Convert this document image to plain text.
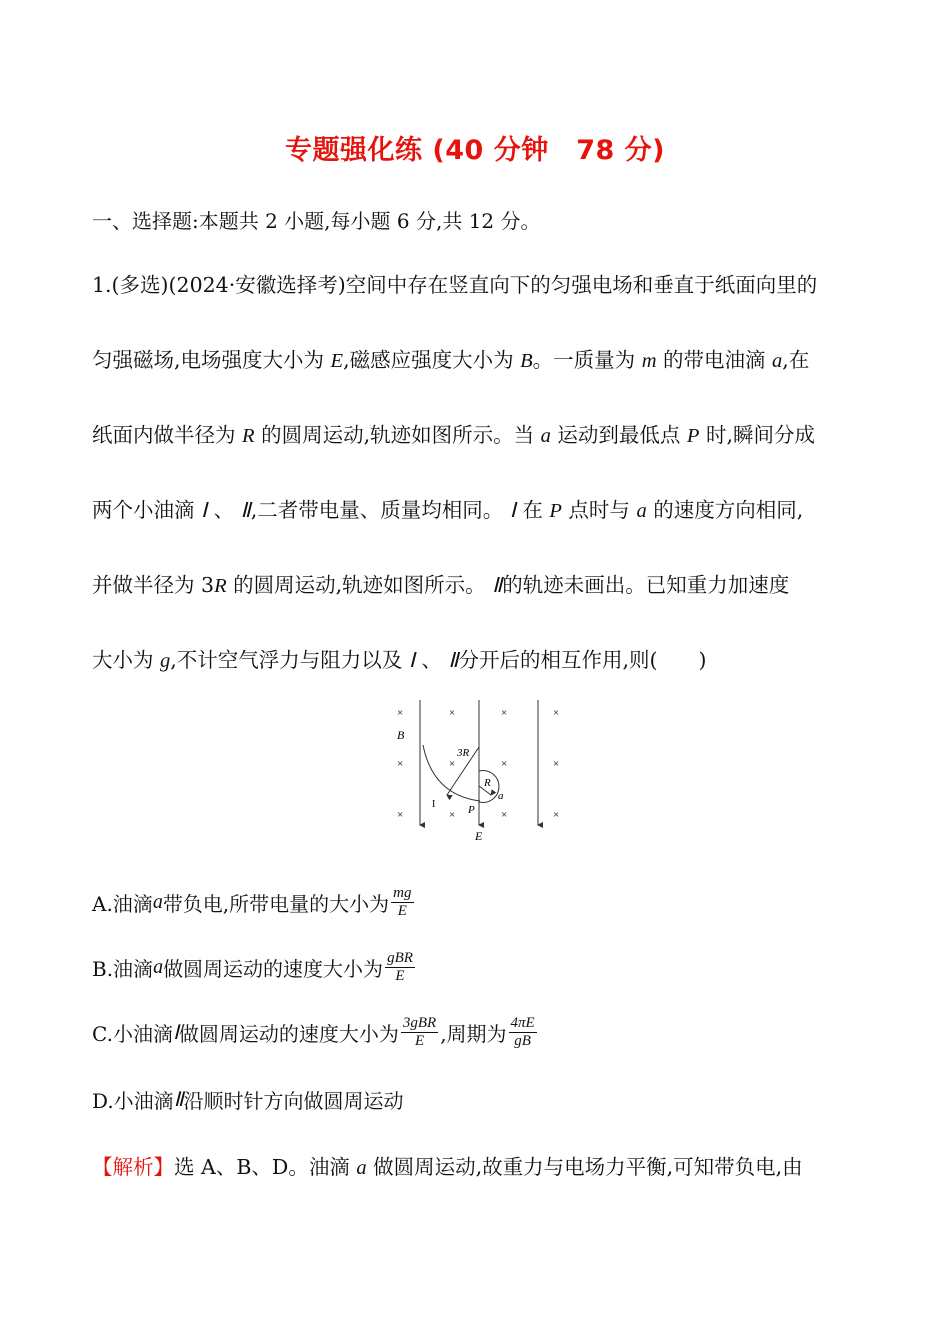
专题强化练 (40 分钟　78 分)
一、选择题:本题共 2 小题,每小题 6 分,共 12 分。
1.(多选)(2024·安徽选择考)空间中存在竖直向下的匀强电场和垂直于纸面向里的
匀强磁场,电场强度大小为 E,磁感应强度大小为 B。一质量为 m 的带电油滴 a,在
纸面内做半径为 R 的圆周运动,轨迹如图所示。当 a 运动到最低点 P 时,瞬间分成
两个小油滴 Ⅰ 、 Ⅱ,二者带电量、质量均相同。 Ⅰ 在 P 点时与 a 的速度方向相同,
并做半径为 3R 的圆周运动,轨迹如图所示。 Ⅱ的轨迹未画出。已知重力加速度
大小为 g,不计空气浮力与阻力以及 Ⅰ 、 Ⅱ分开后的相互作用,则(　　)
×	×	×	×
×	×	×	×
×	×	×	×
B
E
3R
R
a
P
I
A.油滴 a 带负电,所带电量的大小为 $\frac{mg}{E}$
B.油滴 a 做圆周运动的速度大小为 $\frac{\text{gBR}}{E}$
C.小油滴 Ⅰ 做圆周运动的速度大小为 $\frac{\text{3gBR}}{E}$ ,周期为 $\frac{4\pi E}{gB}$
D.小油滴 Ⅱ 沿顺时针方向做圆周运动
【解析】选 A、B、D。油滴 a 做圆周运动,故重力与电场力平衡,可知带负电,由
